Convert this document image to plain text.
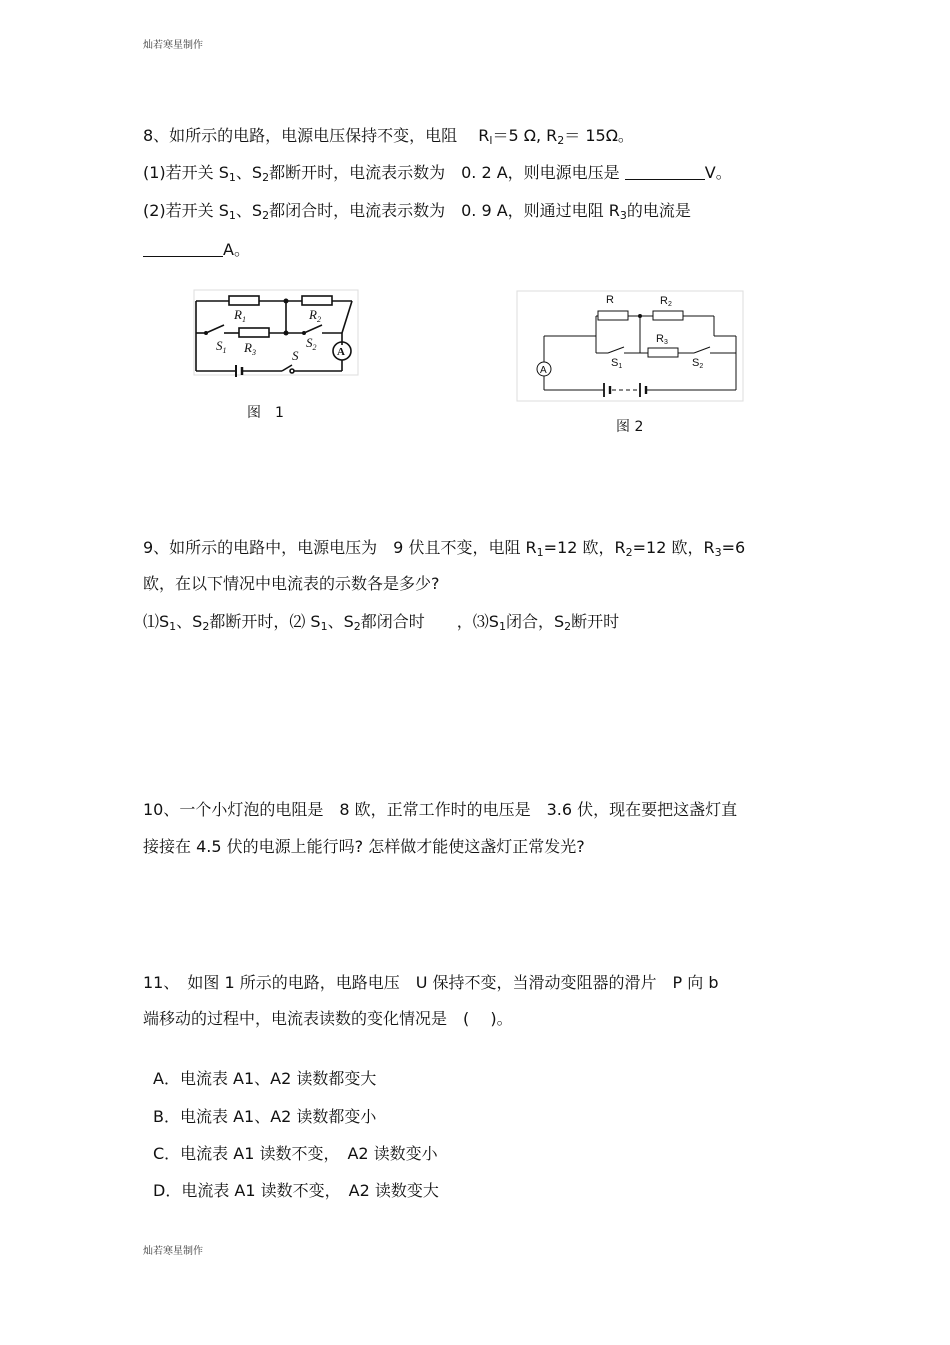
灿若寒星制作
8、如所示的电路，电源电压保持不变，电阻　 $R_l=5$ Ω, $R_2= 15\Omega$。
(1)若开关 $S_1$、$S_2$都断开时，电流表示数为　0. 2 A，则电源电压是	V。
(2)若开关 $S_1$、$S_2$都闭合时，电流表示数为　0. 9 A，则通过电阻 $R_3$的电流是
A。
$R_1$	$R_2$
$R_3$
$S_1$
$S_2$
S	A
图　1
R	R2
R3
S1	S2
A
图 2
9、如所示的电路中，电源电压为　9 伏且不变，电阻 $R_1=12$ 欧，$R_2=12$ 欧，$R_3=6$
欧，在以下情况中电流表的示数各是多少?
$⑴S_1$、$S_2$都断开时，⑵ $S_1$、$S_2$都闭合时　　，$⑶S_1$闭合，$S_2$断开时
10、一个小灯泡的电阻是　8 欧，正常工作时的电压是　3.6 伏，现在要把这盏灯直
接接在 4.5 伏的电源上能行吗? 怎样做才能使这盏灯正常发光?
11、　如图 1 所示的电路，电路电压　U 保持不变，当滑动变阻器的滑片　P 向 b
端移动的过程中，电流表读数的变化情况是　(　 )。
A．电流表 A1、A2 读数都变大
B．电流表 A1、A2 读数都变小
C．电流表 A1 读数不变，　A2 读数变小
D．电流表 A1 读数不变，　A2 读数变大
灿若寒星制作
